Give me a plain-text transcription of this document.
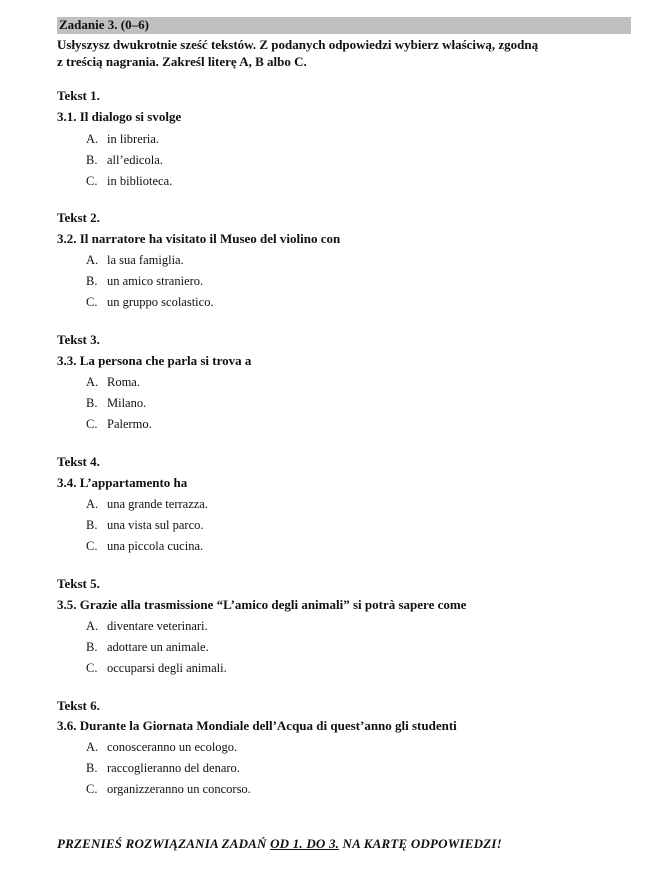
Zadanie 3. (0–6)
Usłyszysz dwukrotnie sześć tekstów. Z podanych odpowiedzi wybierz właściwą, zgodną
z treścią nagrania. Zakreśl literę A, B albo C.
Tekst 1.
3.1. Il dialogo si svolge
A. in libreria.
B. all’edicola.
C. in biblioteca.
Tekst 2.
3.2. Il narratore ha visitato il Museo del violino con
A. la sua famiglia.
B. un amico straniero.
C. un gruppo scolastico.
Tekst 3.
3.3. La persona che parla si trova a
A. Roma.
B. Milano.
C. Palermo.
Tekst 4.
3.4. L’appartamento ha
A. una grande terrazza.
B. una vista sul parco.
C. una piccola cucina.
Tekst 5.
3.5. Grazie alla trasmissione “L’amico degli animali” si potrà sapere come
A. diventare veterinari.
B. adottare un animale.
C. occuparsi degli animali.
Tekst 6.
3.6. Durante la Giornata Mondiale dell’Acqua di quest’anno gli studenti
A. conosceranno un ecologo.
B. raccoglieranno del denaro.
C. organizzeranno un concorso.
PRZENIEŚ ROZWIĄZANIA ZADAŃ OD 1. DO 3. NA KARTĘ ODPOWIEDZI!
